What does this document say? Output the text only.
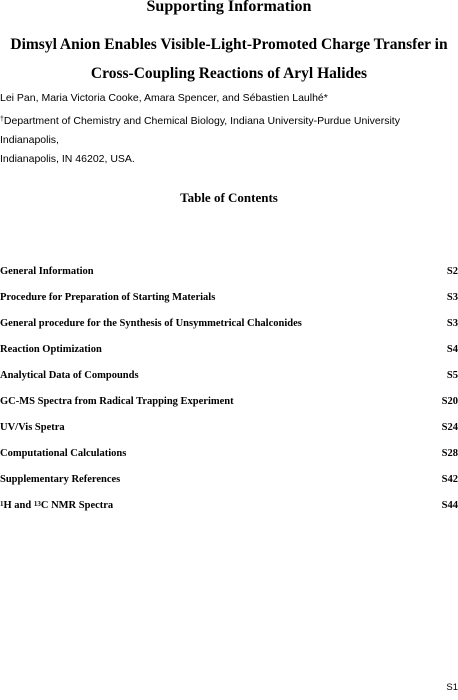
Supporting Information
Dimsyl Anion Enables Visible-Light-Promoted Charge Transfer in
Cross-Coupling Reactions of Aryl Halides
Lei Pan, Maria Victoria Cooke, Amara Spencer, and Sébastien Laulhé*
†Department of Chemistry and Chemical Biology, Indiana University-Purdue University Indianapolis,
Indianapolis, IN 46202, USA.
Table of Contents
General Information	S2
Procedure for Preparation of Starting Materials	S3
General procedure for the Synthesis of Unsymmetrical Chalconides	S3
Reaction Optimization	S4
Analytical Data of Compounds	S5
GC-MS Spectra from Radical Trapping Experiment	S20
UV/Vis Spetra	S24
Computational Calculations	S28
Supplementary References	S42
$^1$H and $^{13}$C NMR Spectra	S44
S1
